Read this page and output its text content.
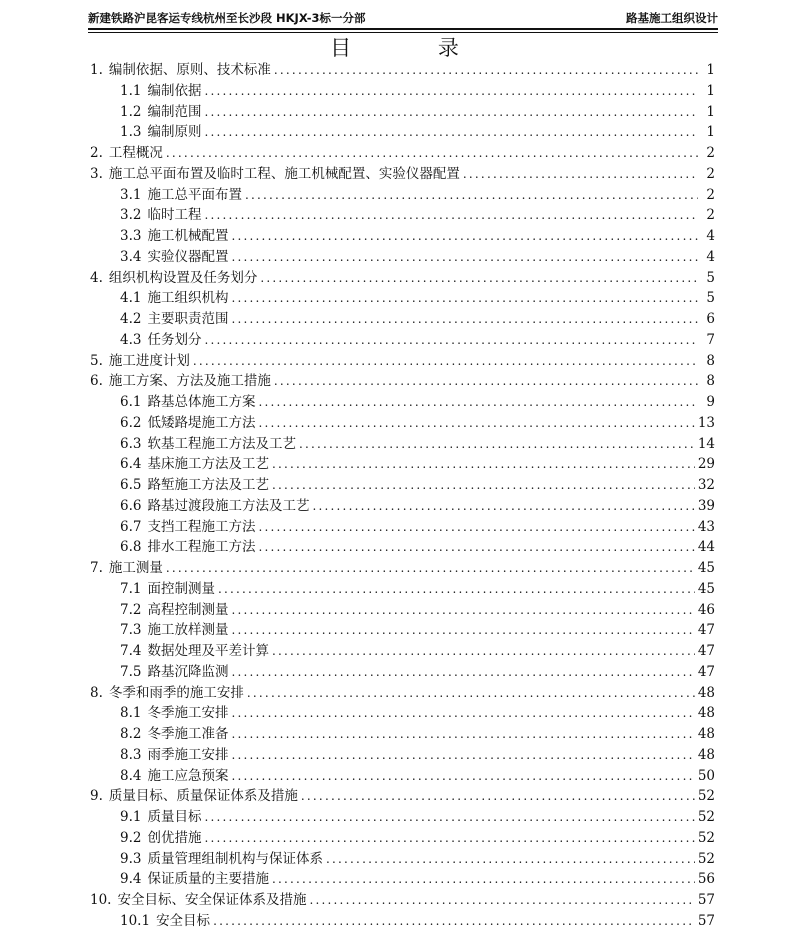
新建铁路沪昆客运专线杭州至长沙段 HKJX-3标一分部	路基施工组织设计
目 录
1. 编制依据、原则、技术标准 .....	1
1.1 编制依据 .....	1
1.2 编制范围 .....	1
1.3 编制原则 .....	1
2. 工程概况 .....	2
3. 施工总平面布置及临时工程、施工机械配置、实验仪器配置 .....	2
3.1 施工总平面布置 .....	2
3.2 临时工程 .....	2
3.3 施工机械配置 .....	4
3.4 实验仪器配置 .....	4
4. 组织机构设置及任务划分 .....	5
4.1 施工组织机构 .....	5
4.2 主要职责范围 .....	6
4.3 任务划分 .....	7
5. 施工进度计划 .....	8
6. 施工方案、方法及施工措施 .....	8
6.1 路基总体施工方案 .....	9
6.2 低矮路堤施工方法 .....	13
6.3 软基工程施工方法及工艺 .....	14
6.4 基床施工方法及工艺 .....	29
6.5 路堑施工方法及工艺 .....	32
6.6 路基过渡段施工方法及工艺 .....	39
6.7 支挡工程施工方法 .....	43
6.8 排水工程施工方法 .....	44
7. 施工测量 .....	45
7.1 面控制测量 .....	45
7.2 高程控制测量 .....	46
7.3 施工放样测量 .....	47
7.4 数据处理及平差计算 .....	47
7.5 路基沉降监测 .....	47
8. 冬季和雨季的施工安排 .....	48
8.1 冬季施工安排 .....	48
8.2 冬季施工准备 .....	48
8.3 雨季施工安排 .....	48
8.4 施工应急预案 .....	50
9. 质量目标、质量保证体系及措施 .....	52
9.1 质量目标 .....	52
9.2 创优措施 .....	52
9.3 质量管理组制机构与保证体系 .....	52
9.4 保证质量的主要措施 .....	56
10. 安全目标、安全保证体系及措施 .....	57
10.1 安全目标 .....	57
